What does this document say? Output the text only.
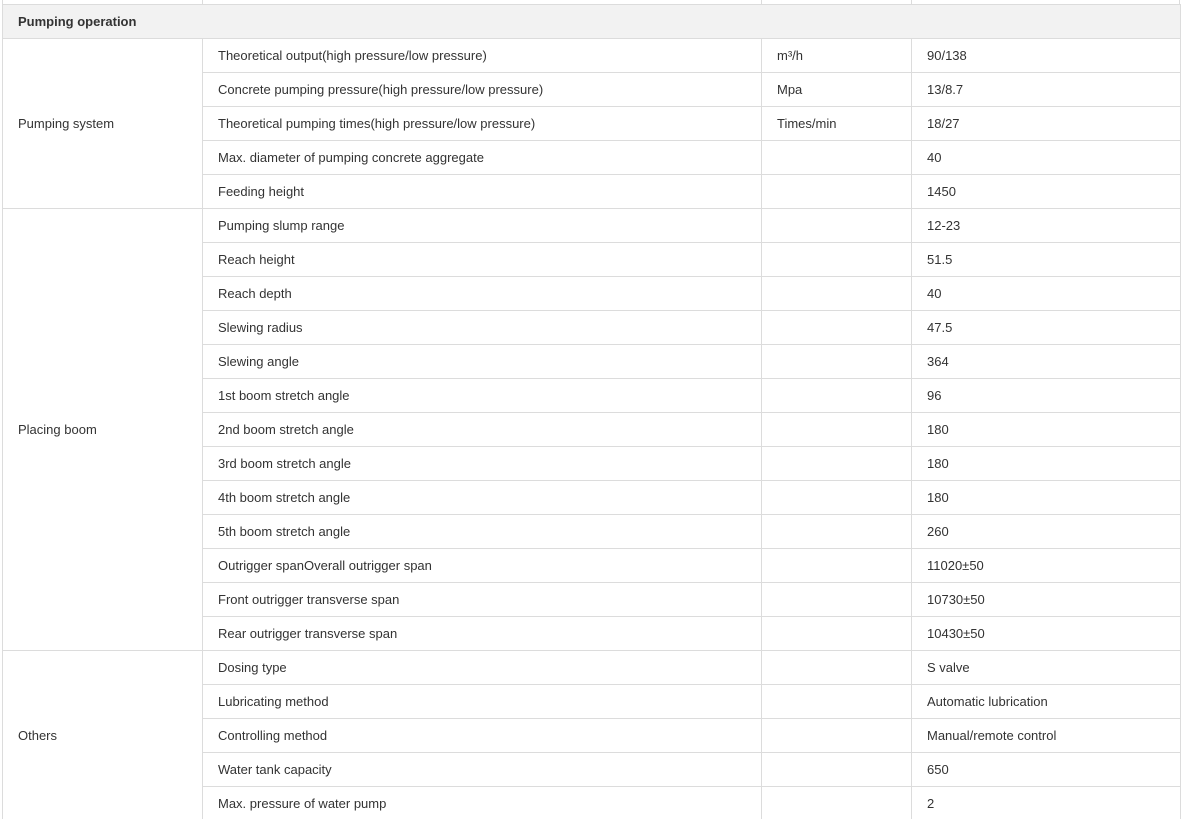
Pumping operation			
Pumping system	Theoretical output(high pressure/low pressure)	m³/h	90/138
	Concrete pumping pressure(high pressure/low pressure)	Mpa	13/8.7
	Theoretical pumping times(high pressure/low pressure)	Times/min	18/27
	Max. diameter of pumping concrete aggregate		40
	Feeding height		1450
Placing boom	Pumping slump range		12-23
	Reach height		51.5
	Reach depth		40
	Slewing radius		47.5
	Slewing angle		364
	1st boom stretch angle		96
	2nd boom stretch angle		180
	3rd boom stretch angle		180
	4th boom stretch angle		180
	5th boom stretch angle		260
	Outrigger spanOverall outrigger span		11020±50
	Front outrigger transverse span		10730±50
	Rear outrigger transverse span		10430±50
Others	Dosing type		S valve
	Lubricating method		Automatic lubrication
	Controlling method		Manual/remote control
	Water tank capacity		650
	Max. pressure of water pump		2
